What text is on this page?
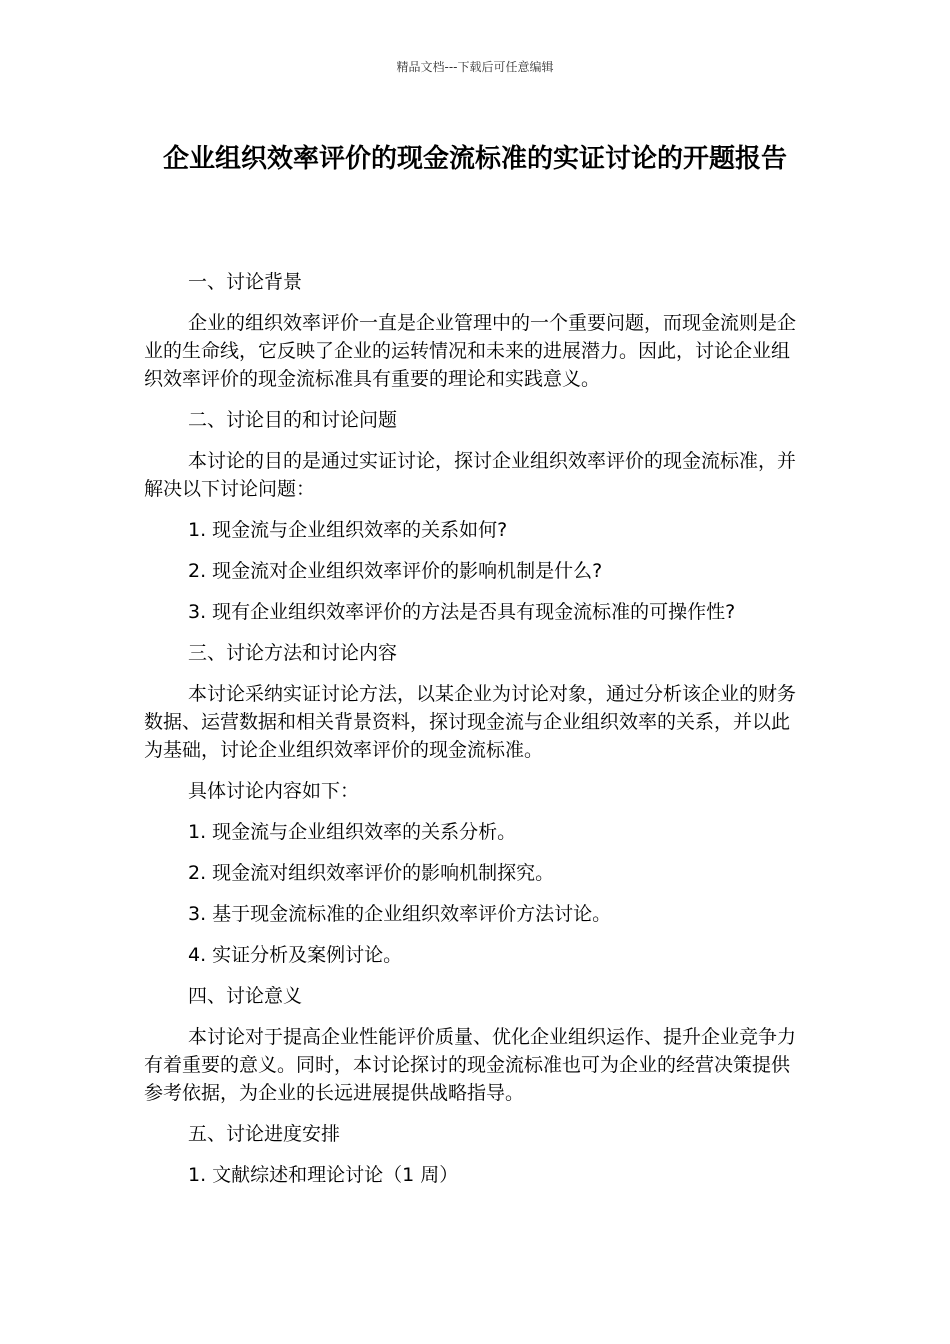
精品文档---下载后可任意编辑
企业组织效率评价的现金流标准的实证讨论的开题报告
一、讨论背景

企业的组织效率评价一直是企业管理中的一个重要问题，而现金流则是企业的生命线，它反映了企业的运转情况和未来的进展潜力。因此，讨论企业组织效率评价的现金流标准具有重要的理论和实践意义。

二、讨论目的和讨论问题

本讨论的目的是通过实证讨论，探讨企业组织效率评价的现金流标准，并解决以下讨论问题：

1. 现金流与企业组织效率的关系如何?
2. 现金流对企业组织效率评价的影响机制是什么?
3. 现有企业组织效率评价的方法是否具有现金流标准的可操作性?
三、讨论方法和讨论内容

本讨论采纳实证讨论方法，以某企业为讨论对象，通过分析该企业的财务数据、运营数据和相关背景资料，探讨现金流与企业组织效率的关系，并以此为基础，讨论企业组织效率评价的现金流标准。

具体讨论内容如下：
1. 现金流与企业组织效率的关系分析。
2. 现金流对组织效率评价的影响机制探究。
3. 基于现金流标准的企业组织效率评价方法讨论。
4. 实证分析及案例讨论。
四、讨论意义

本讨论对于提高企业性能评价质量、优化企业组织运作、提升企业竞争力有着重要的意义。同时，本讨论探讨的现金流标准也可为企业的经营决策提供参考依据，为企业的长远进展提供战略指导。

五、讨论进度安排
1. 文献综述和理论讨论（1 周）
